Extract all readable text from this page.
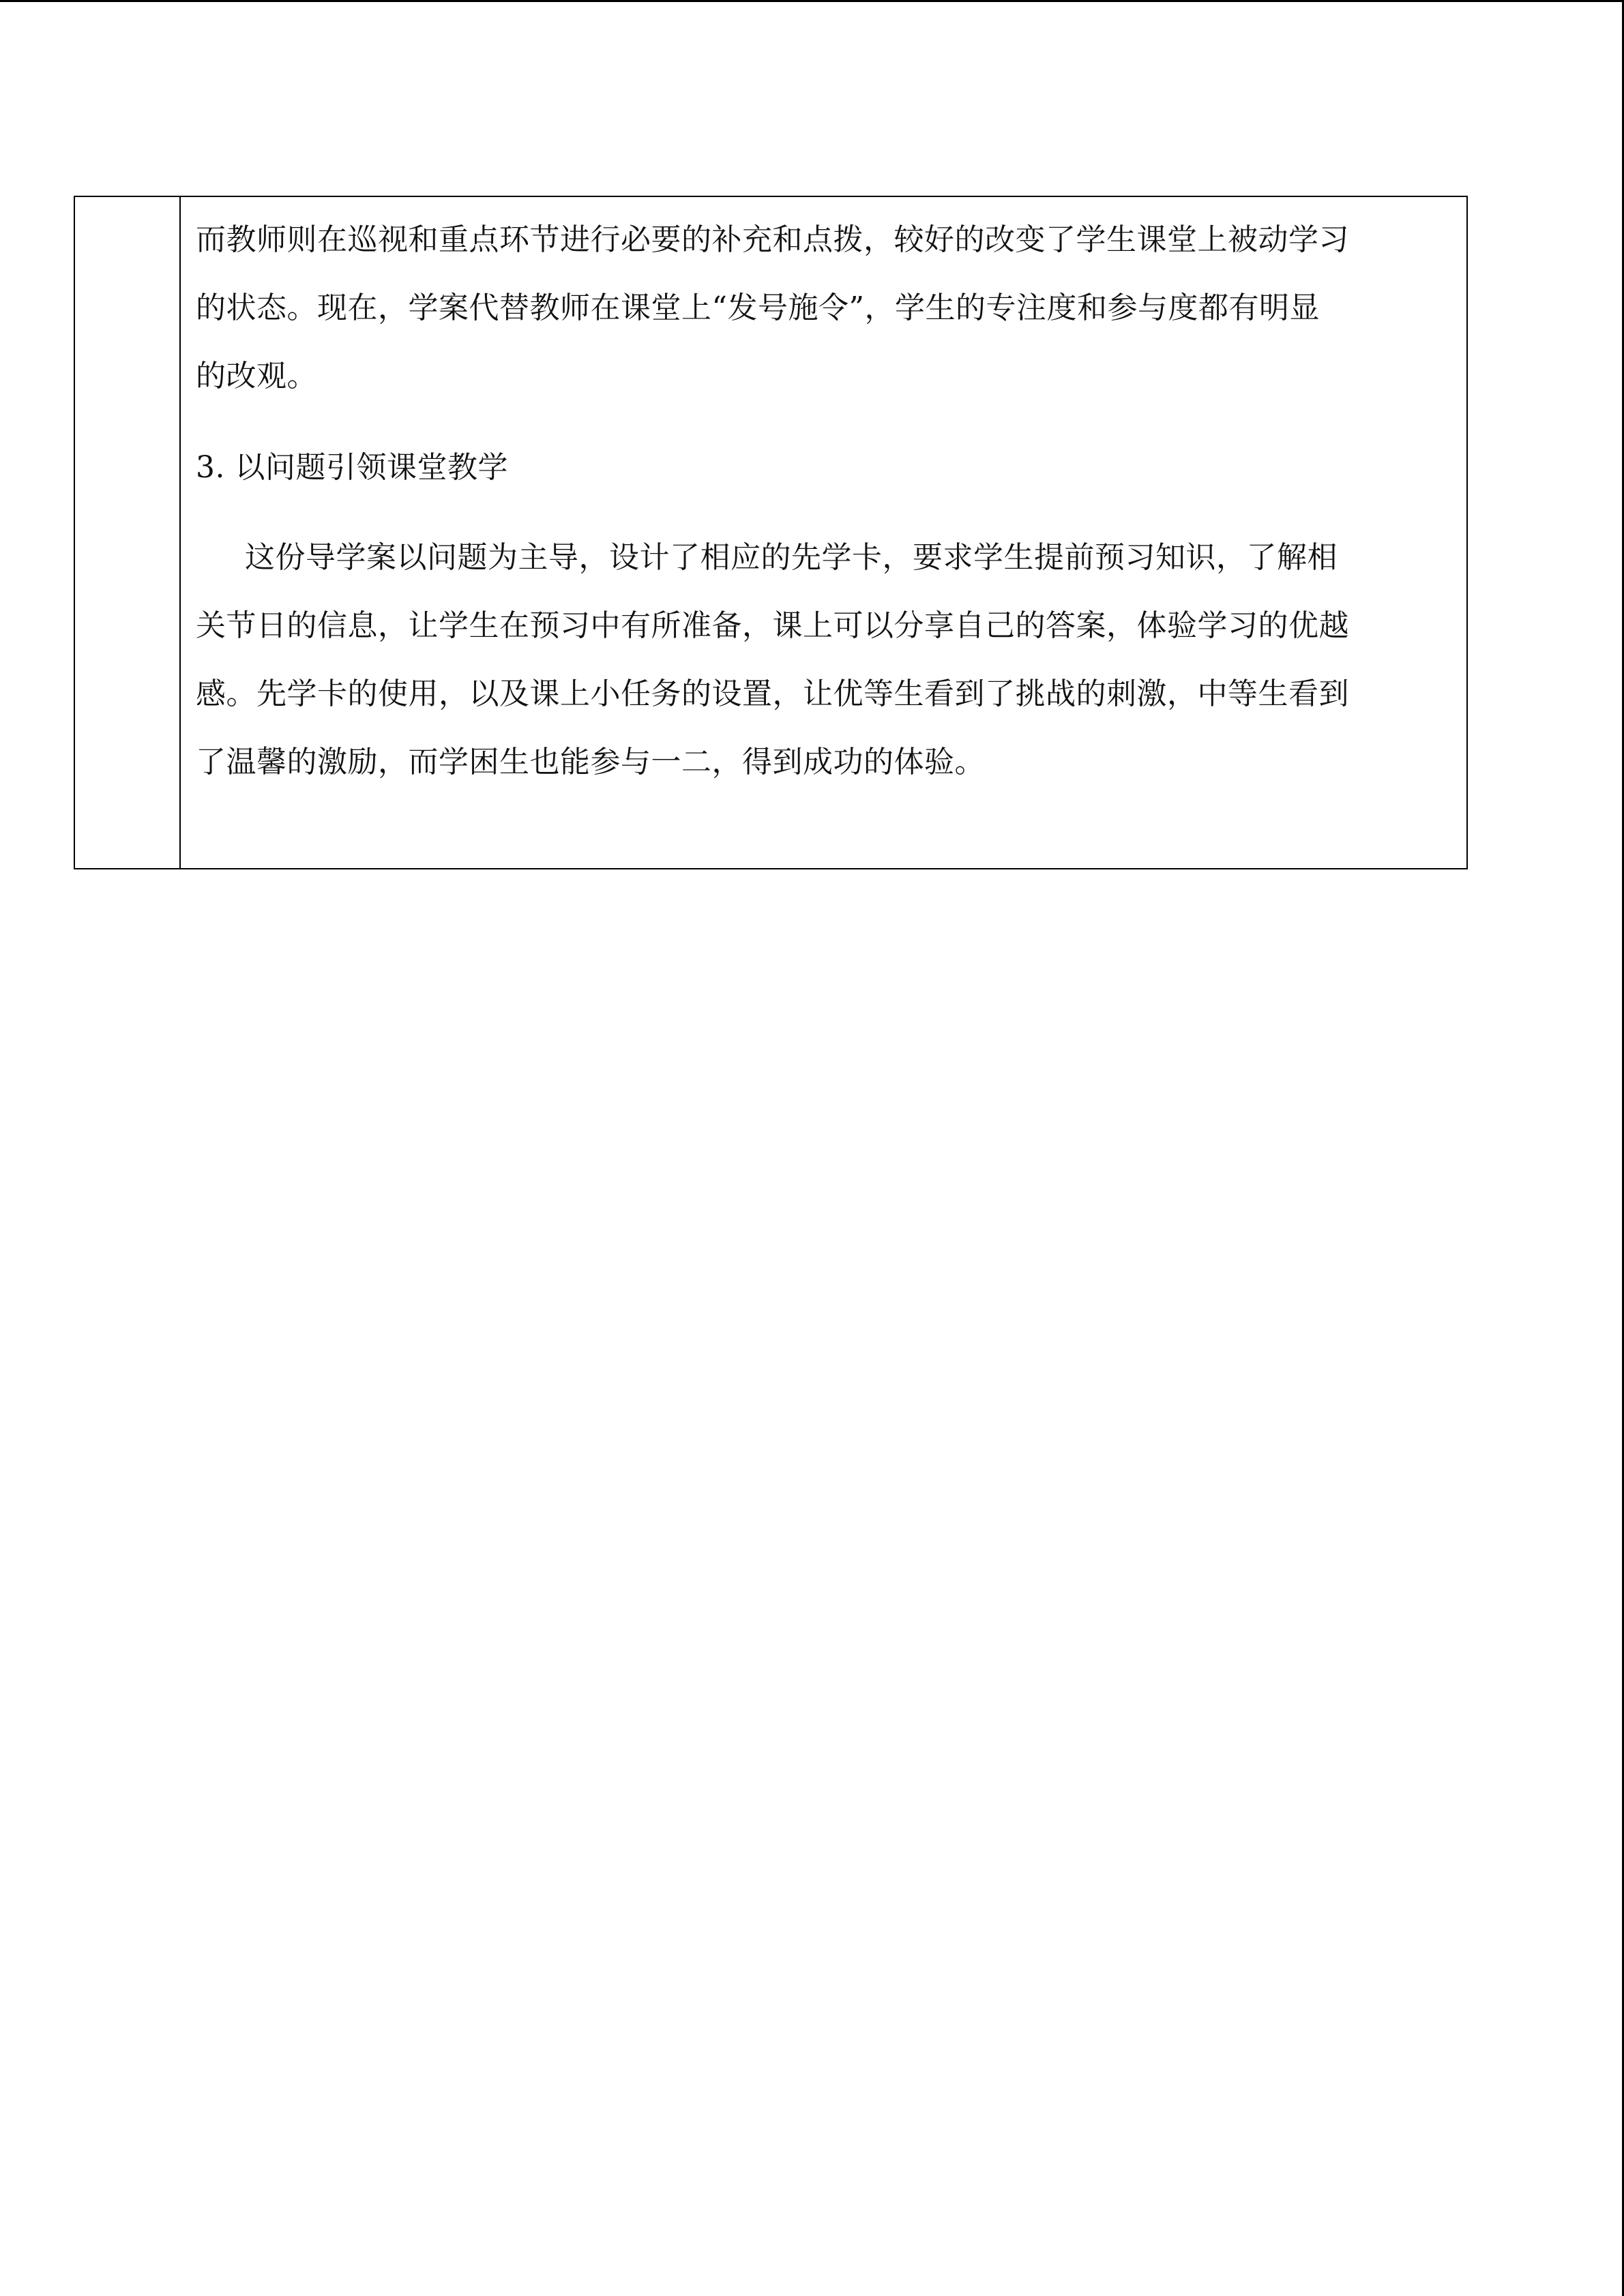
而教师则在巡视和重点环节进行必要的补充和点拨，较好的改变了学生课堂上被动学习
的状态。现在，学案代替教师在课堂上“发号施令”，学生的专注度和参与度都有明显
的改观。
3. 以问题引领课堂教学
这份导学案以问题为主导，设计了相应的先学卡，要求学生提前预习知识，了解相
关节日的信息，让学生在预习中有所准备，课上可以分享自己的答案，体验学习的优越
感。先学卡的使用，以及课上小任务的设置，让优等生看到了挑战的刺激，中等生看到
了温馨的激励，而学困生也能参与一二，得到成功的体验。
